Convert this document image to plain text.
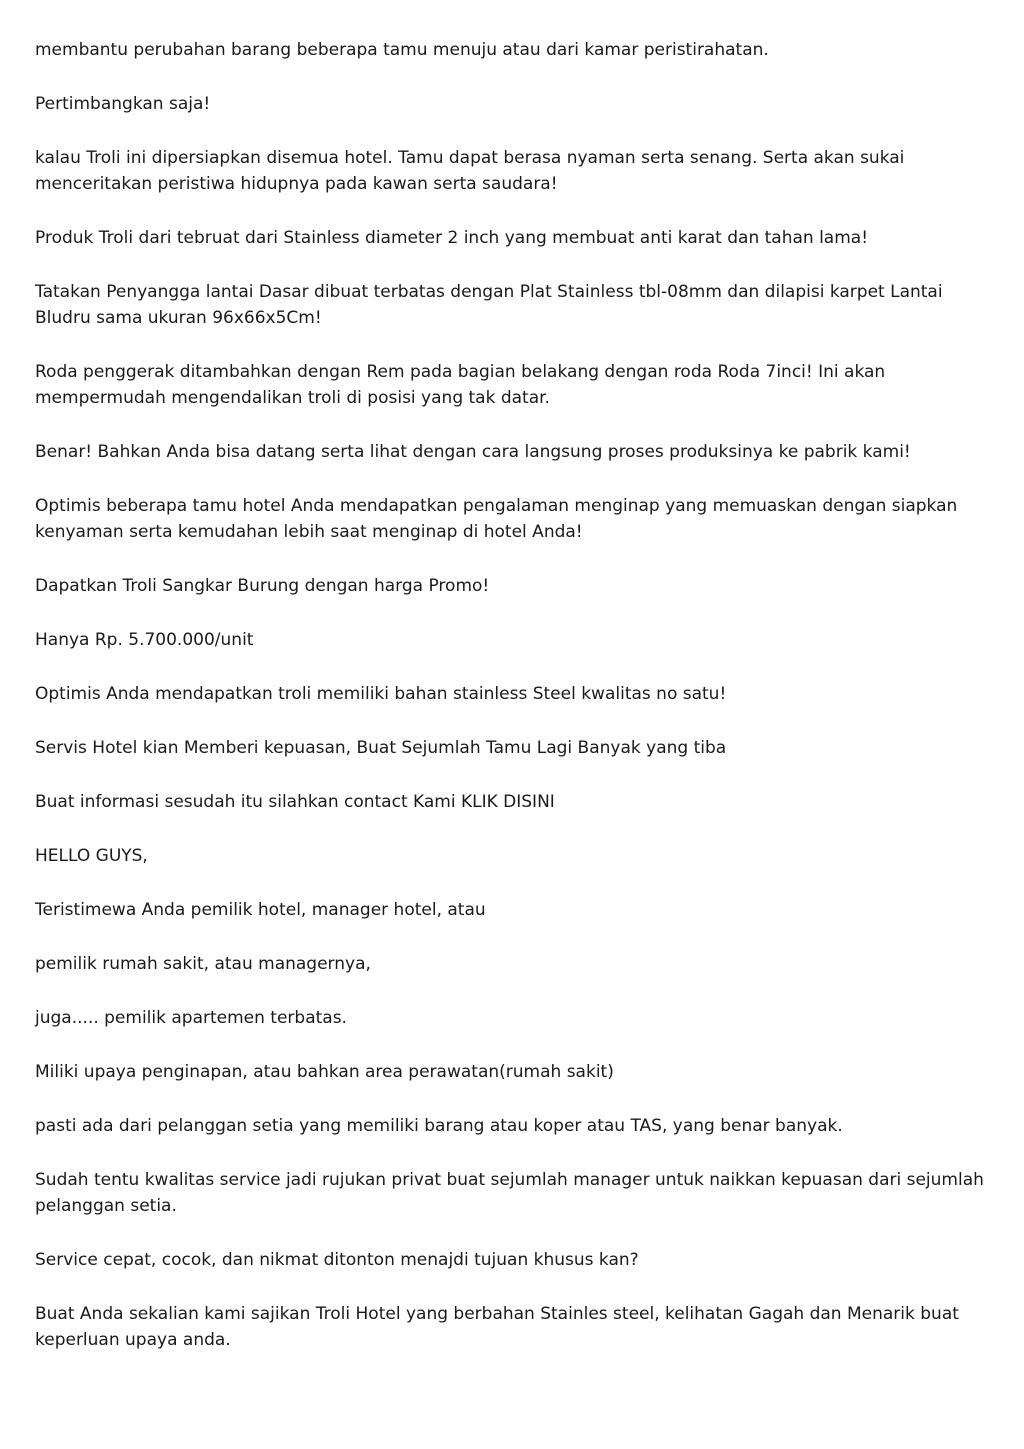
membantu perubahan barang beberapa tamu menuju atau dari kamar peristirahatan.

Pertimbangkan saja!

kalau Troli ini dipersiapkan disemua hotel. Tamu dapat berasa nyaman serta senang. Serta akan sukai menceritakan peristiwa hidupnya pada kawan serta saudara!

Produk Troli dari tebruat dari Stainless diameter 2 inch yang membuat anti karat dan tahan lama!

Tatakan Penyangga lantai Dasar dibuat terbatas dengan Plat Stainless tbl-08mm dan dilapisi karpet Lantai Bludru sama ukuran 96x66x5Cm!

Roda penggerak ditambahkan dengan Rem pada bagian belakang dengan roda Roda 7inci! Ini akan mempermudah mengendalikan troli di posisi yang tak datar.

Benar! Bahkan Anda bisa datang serta lihat dengan cara langsung proses produksinya ke pabrik kami!

Optimis beberapa tamu hotel Anda mendapatkan pengalaman menginap yang memuaskan dengan siapkan kenyaman serta kemudahan lebih saat menginap di hotel Anda!

Dapatkan Troli Sangkar Burung dengan harga Promo!

Hanya Rp. 5.700.000/unit

Optimis Anda mendapatkan troli memiliki bahan stainless Steel kwalitas no satu!

Servis Hotel kian Memberi kepuasan, Buat Sejumlah Tamu Lagi Banyak yang tiba

Buat informasi sesudah itu silahkan contact Kami KLIK DISINI

HELLO GUYS,

Teristimewa Anda pemilik hotel, manager hotel, atau

pemilik rumah sakit, atau managernya,

juga..... pemilik apartemen terbatas.

Miliki upaya penginapan, atau bahkan area perawatan(rumah sakit)

pasti ada dari pelanggan setia yang memiliki barang atau koper atau TAS, yang benar banyak.

Sudah tentu kwalitas service jadi rujukan privat buat sejumlah manager untuk naikkan kepuasan dari sejumlah pelanggan setia.

Service cepat, cocok, dan nikmat ditonton menajdi tujuan khusus kan?

Buat Anda sekalian kami sajikan Troli Hotel yang berbahan Stainles steel, kelihatan Gagah dan Menarik buat keperluan upaya anda.
